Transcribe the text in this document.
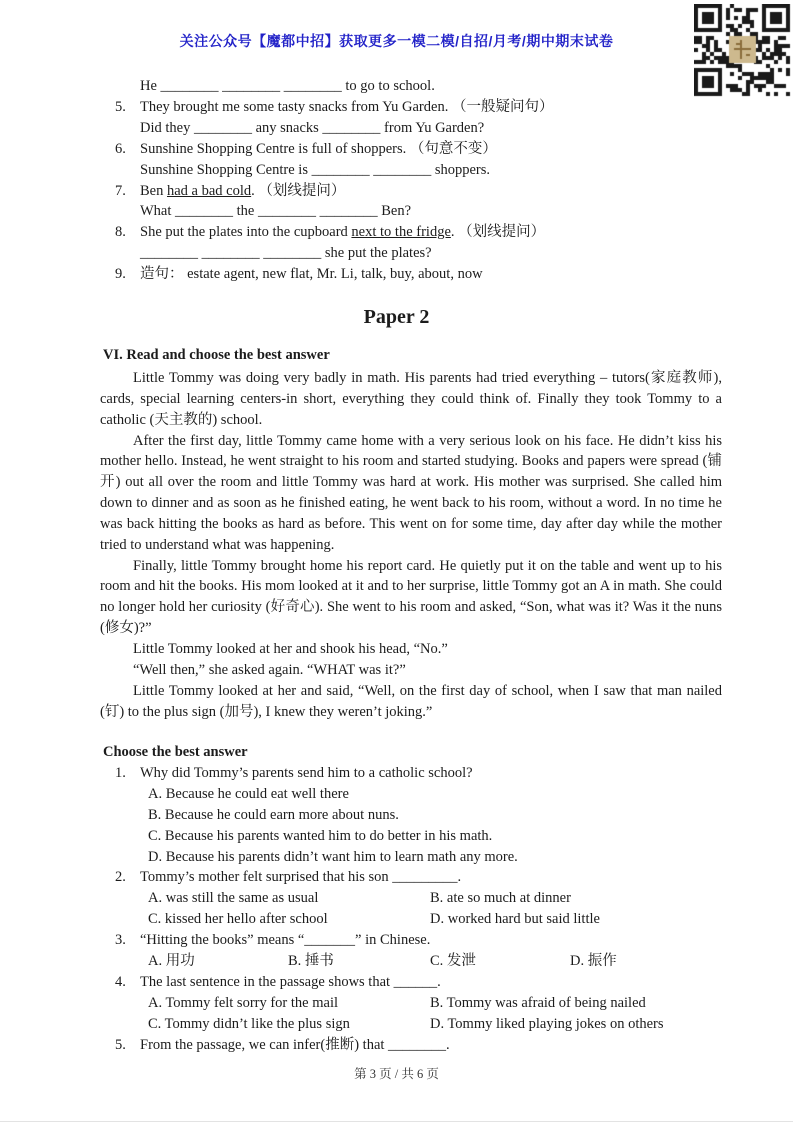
关注公众号【魔都中招】获取更多一模二模/自招/月考/期中期末试卷
He ________ ________ ________ to go to school.
5. They brought me some tasty snacks from Yu Garden. （一般疑问句）
Did they ________ any snacks ________ from Yu Garden?
6. Sunshine Shopping Centre is full of shoppers. （句意不变）
Sunshine Shopping Centre is ________ ________ shoppers.
7. Ben had a bad cold. （划线提问）
What ________ the ________ ________ Ben?
8. She put the plates into the cupboard next to the fridge. （划线提问）
________ ________ ________ she put the plates?
9. 造句： estate agent, new flat, Mr. Li, talk, buy, about, now
Paper 2
VI. Read and choose the best answer

Little Tommy was doing very badly in math. His parents had tried everything – tutors(家庭教师), cards, special learning centers-in short, everything they could think of. Finally they took Tommy to a catholic (天主教的) school.

After the first day, little Tommy came home with a very serious look on his face. He didn’t kiss his mother hello. Instead, he went straight to his room and started studying. Books and papers were spread (铺开) out all over the room and little Tommy was hard at work. His mother was surprised. She called him down to dinner and as soon as he finished eating, he went back to his room, without a word. In no time he was back hitting the books as hard as before. This went on for some time, day after day while the mother tried to understand what was happening.

Finally, little Tommy brought home his report card. He quietly put it on the table and went up to his room and hit the books. His mom looked at it and to her surprise, little Tommy got an A in math. She could no longer hold her curiosity (好奇心). She went to his room and asked, “Son, what was it? Was it the nuns (修女)?”

Little Tommy looked at her and shook his head, “No.”

“Well then,” she asked again. “WHAT was it?”

Little Tommy looked at her and said, “Well, on the first day of school, when I saw that man nailed (钉) to the plus sign (加号), I knew they weren’t joking.”

Choose the best answer
1. Why did Tommy’s parents send him to a catholic school?
A. Because he could eat well there
B. Because he could earn more about nuns.
C. Because his parents wanted him to do better in his math.
D. Because his parents didn’t want him to learn math any more.
2. Tommy’s mother felt surprised that his son _________.
A. was still the same as usual	B. ate so much at dinner
C. kissed her hello after school	D. worked hard but said little
3. “Hitting the books” means “_______” in Chinese.
A. 用功	B. 捶书	C. 发泄	D. 振作
4. The last sentence in the passage shows that ______.
A. Tommy felt sorry for the mail	B. Tommy was afraid of being nailed
C. Tommy didn’t like the plus sign	D. Tommy liked playing jokes on others
5. From the passage, we can infer(推断) that ________.
第 3 页 / 共 6 页
